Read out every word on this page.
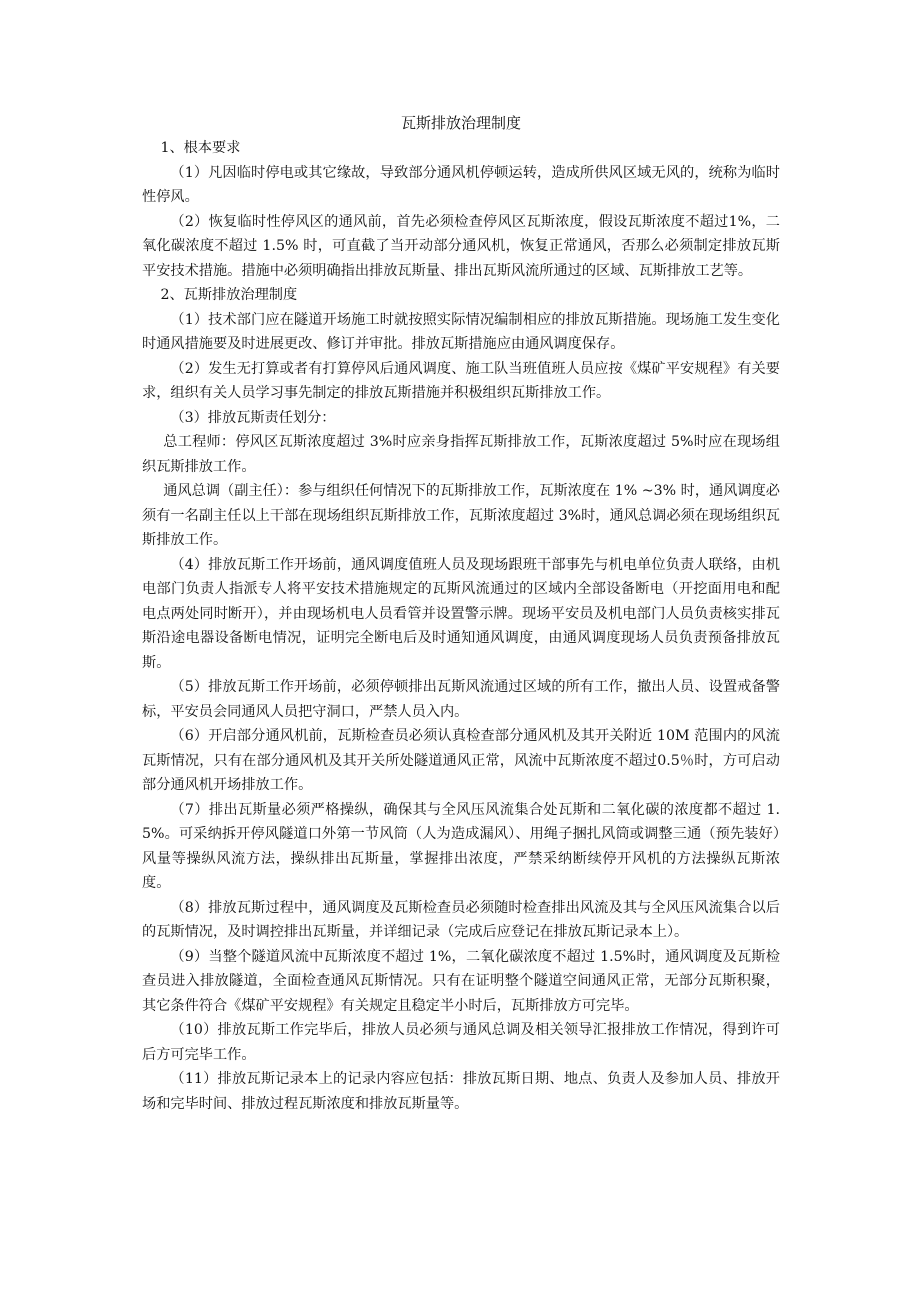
瓦斯排放治理制度
1、根本要求

（1）凡因临时停电或其它缘故，导致部分通风机停顿运转，造成所供风区域无风的，统称为临时性停风。

（2）恢复临时性停风区的通风前，首先必须检查停风区瓦斯浓度，假设瓦斯浓度不超过1%，二氧化碳浓度不超过 1.5% 时，可直截了当开动部分通风机，恢复正常通风，否那么必须制定排放瓦斯平安技术措施。措施中必须明确指出排放瓦斯量、排出瓦斯风流所通过的区域、瓦斯排放工艺等。

2、瓦斯排放治理制度

（1）技术部门应在隧道开场施工时就按照实际情况编制相应的排放瓦斯措施。现场施工发生变化时通风措施要及时进展更改、修订并审批。排放瓦斯措施应由通风调度保存。

（2）发生无打算或者有打算停风后通风调度、施工队当班值班人员应按《煤矿平安规程》有关要求，组织有关人员学习事先制定的排放瓦斯措施并积极组织瓦斯排放工作。

（3）排放瓦斯责任划分：

总工程师：停风区瓦斯浓度超过 3%时应亲身指挥瓦斯排放工作，瓦斯浓度超过 5%时应在现场组织瓦斯排放工作。

通风总调（副主任）：参与组织任何情况下的瓦斯排放工作，瓦斯浓度在 1% ~3% 时，通风调度必须有一名副主任以上干部在现场组织瓦斯排放工作，瓦斯浓度超过 3%时，通风总调必须在现场组织瓦斯排放工作。

（4）排放瓦斯工作开场前，通风调度值班人员及现场跟班干部事先与机电单位负责人联络，由机电部门负责人指派专人将平安技术措施规定的瓦斯风流通过的区域内全部设备断电（开挖面用电和配电点两处同时断开），并由现场机电人员看管并设置警示牌。现场平安员及机电部门人员负责核实排瓦斯沿途电器设备断电情况，证明完全断电后及时通知通风调度，由通风调度现场人员负责预备排放瓦斯。

（5）排放瓦斯工作开场前，必须停顿排出瓦斯风流通过区域的所有工作，撤出人员、设置戒备警标，平安员会同通风人员把守洞口，严禁人员入内。

（6）开启部分通风机前，瓦斯检查员必须认真检查部分通风机及其开关附近 10M 范围内的风流瓦斯情况，只有在部分通风机及其开关所处隧道通风正常，风流中瓦斯浓度不超过0.5％时，方可启动部分通风机开场排放工作。

（7）排出瓦斯量必须严格操纵，确保其与全风压风流集合处瓦斯和二氧化碳的浓度都不超过 1.5%。可采纳拆开停风隧道口外第一节风筒（人为造成漏风）、用绳子捆扎风筒或调整三通（预先装好）风量等操纵风流方法，操纵排出瓦斯量，掌握排出浓度，严禁采纳断续停开风机的方法操纵瓦斯浓度。

（8）排放瓦斯过程中，通风调度及瓦斯检查员必须随时检查排出风流及其与全风压风流集合以后的瓦斯情况，及时调控排出瓦斯量，并详细记录（完成后应登记在排放瓦斯记录本上）。

（9）当整个隧道风流中瓦斯浓度不超过 1%，二氧化碳浓度不超过 1.5%时，通风调度及瓦斯检查员进入排放隧道，全面检查通风瓦斯情况。只有在证明整个隧道空间通风正常，无部分瓦斯积聚，其它条件符合《煤矿平安规程》有关规定且稳定半小时后，瓦斯排放方可完毕。

（10）排放瓦斯工作完毕后，排放人员必须与通风总调及相关领导汇报排放工作情况，得到许可后方可完毕工作。

（11）排放瓦斯记录本上的记录内容应包括：排放瓦斯日期、地点、负责人及参加人员、排放开场和完毕时间、排放过程瓦斯浓度和排放瓦斯量等。
